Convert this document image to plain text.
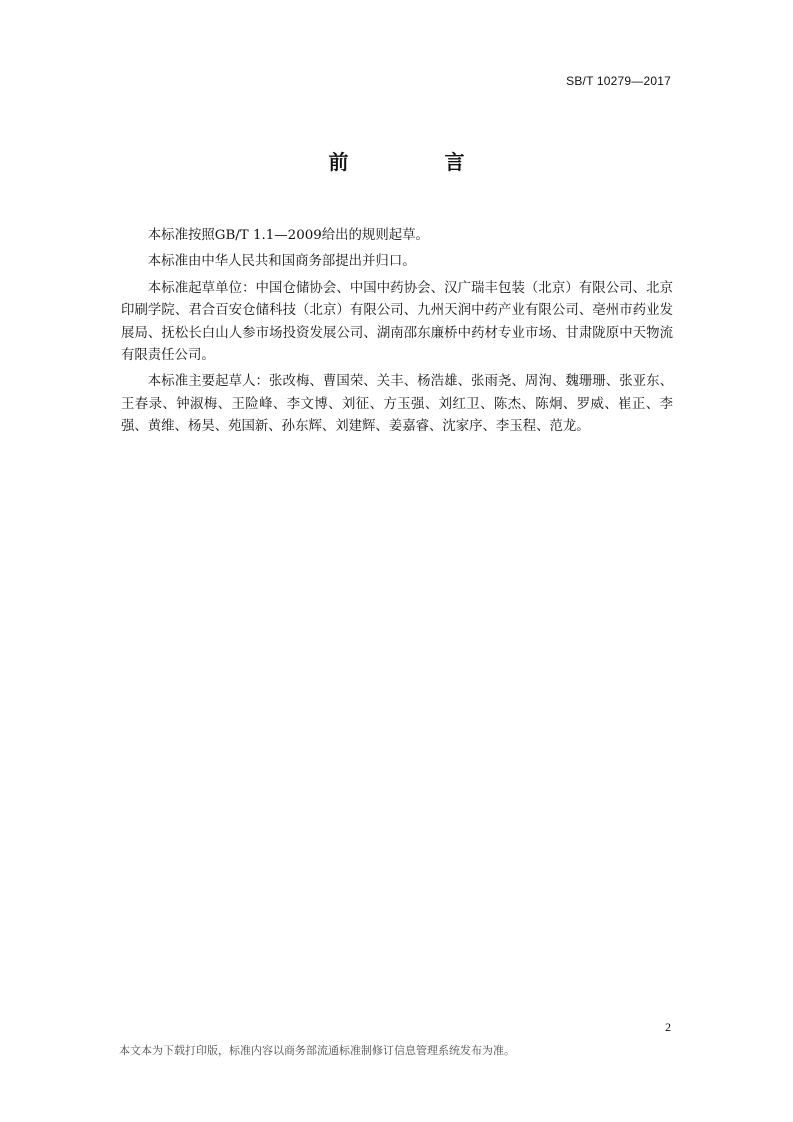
SB/T 10279—2017
前　言

本标准按照GB/T 1.1—2009给出的规则起草。

本标准由中华人民共和国商务部提出并归口。

本标准起草单位：中国仓储协会、中国中药协会、汉广瑞丰包装（北京）有限公司、北京印刷学院、君合百安仓储科技（北京）有限公司、九州天润中药产业有限公司、亳州市药业发展局、抚松长白山人参市场投资发展公司、湖南邵东廉桥中药材专业市场、甘肃陇原中天物流有限责任公司。

本标准主要起草人：张改梅、曹国荣、关丰、杨浩雄、张雨尧、周洵、魏珊珊、张亚东、王春录、钟淑梅、王险峰、李文博、刘征、方玉强、刘红卫、陈杰、陈炯、罗威、崔正、李强、黄维、杨昊、苑国新、孙东辉、刘建辉、姜嘉睿、沈家序、李玉程、范龙。

2
本文本为下载打印版，标准内容以商务部流通标准制修订信息管理系统发布为准。
